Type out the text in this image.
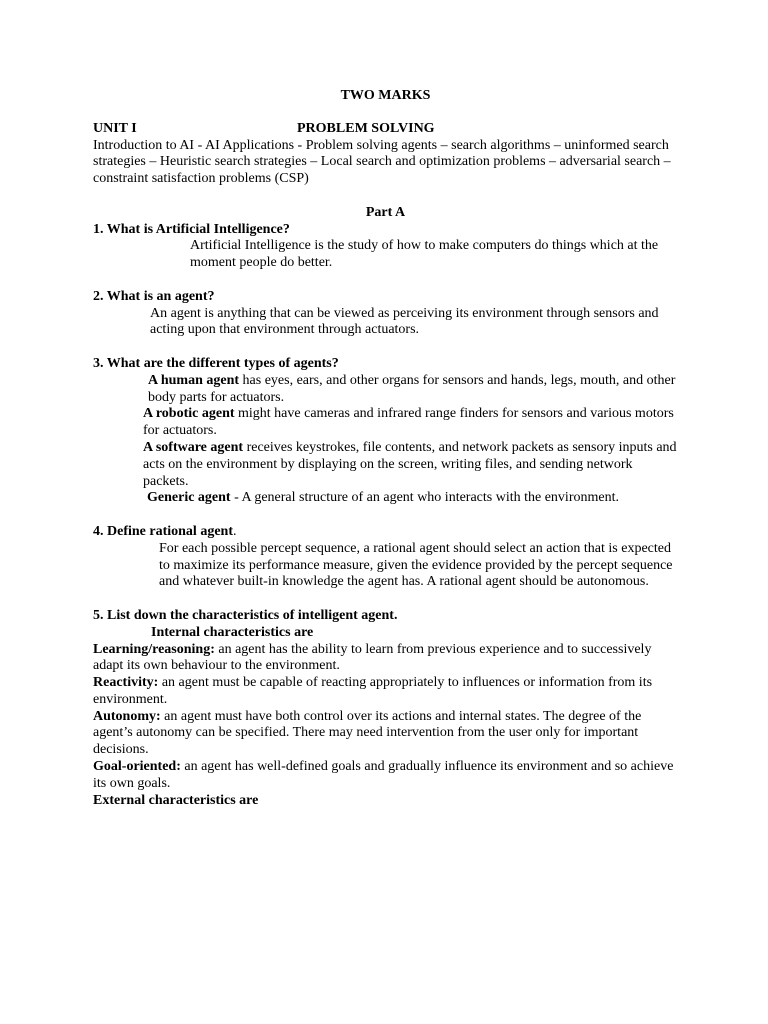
TWO MARKS

UNIT I	PROBLEM SOLVING

Introduction to AI - AI Applications - Problem solving agents – search algorithms – uninformed search strategies – Heuristic search strategies – Local search and optimization problems – adversarial search – constraint satisfaction problems (CSP)

Part A

1. What is Artificial Intelligence?

Artificial Intelligence is the study of how to make computers do things which at the moment people do better.

2. What is an agent?

An agent is anything that can be viewed as perceiving its environment through sensors and acting upon that environment through actuators.

3. What are the different types of agents?

A human agent has eyes, ears, and other organs for sensors and hands, legs, mouth, and other body parts for actuators.

A robotic agent might have cameras and infrared range finders for sensors and various motors for actuators.

A software agent receives keystrokes, file contents, and network packets as sensory inputs and acts on the environment by displaying on the screen, writing files, and sending network packets.

Generic agent - A general structure of an agent who interacts with the environment.

4. Define rational agent.

For each possible percept sequence, a rational agent should select an action that is expected to maximize its performance measure, given the evidence provided by the percept sequence and whatever built-in knowledge the agent has. A rational agent should be autonomous.

5. List down the characteristics of intelligent agent.

Internal characteristics are

Learning/reasoning: an agent has the ability to learn from previous experience and to successively adapt its own behaviour to the environment.

Reactivity: an agent must be capable of reacting appropriately to influences or information from its environment.

Autonomy: an agent must have both control over its actions and internal states. The degree of the agent’s autonomy can be specified. There may need intervention from the user only for important decisions.

Goal-oriented: an agent has well-defined goals and gradually influence its environment and so achieve its own goals.

External characteristics are
